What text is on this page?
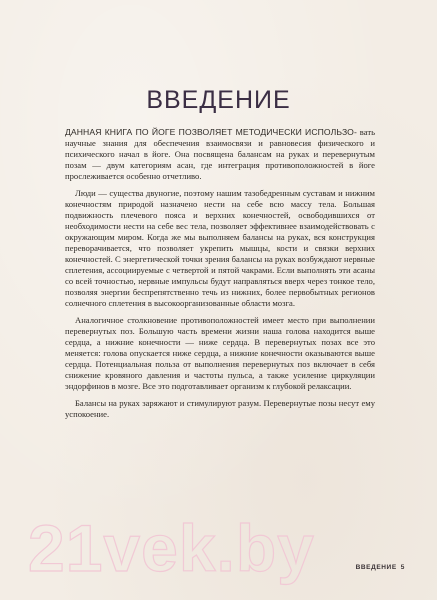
ВВЕДЕНИЕ

ДАННАЯ КНИГА ПО ЙОГЕ ПОЗВОЛЯЕТ МЕТОДИЧЕСКИ ИСПОЛЬЗО- вать научные знания для обеспечения взаимосвязи и равновесия физического и психического начал в йоге. Она посвящена балансам на руках и перевернутым позам — двум категориям асан, где интеграция противоположностей в йоге прослеживается особенно отчетливо.

Люди — существа двуногие, поэтому нашим тазобедренным суставам и нижним конечностям природой назначено нести на себе всю массу тела. Большая подвижность плечевого пояса и верхних конечностей, освободившихся от необходимости нести на себе вес тела, позволяет эффективнее взаимодействовать с окружающим миром. Когда же мы выполняем балансы на руках, вся конструкция переворачивается, что позволяет укрепить мышцы, кости и связки верхних конечностей. С энергетической точки зрения балансы на руках возбуждают нервные сплетения, ассоциируемые с четвертой и пятой чакрами. Если выполнять эти асаны со всей точностью, нервные импульсы будут направляться вверх через тонкое тело, позволяя энергии беспрепятственно течь из нижних, более первобытных регионов солнечного сплетения в высокоорганизованные области мозга.

Аналогичное столкновение противоположностей имеет место при выполнении перевернутых поз. Большую часть времени жизни наша голова находится выше сердца, а нижние конечности — ниже сердца. В перевернутых позах все это меняется: голова опускается ниже сердца, а нижние конечности оказываются выше сердца. Потенциальная польза от выполнения перевернутых поз включает в себя снижение кровяного давления и частоты пульса, а также усиление циркуляции эндорфинов в мозге. Все это подготавливает организм к глубокой релаксации.

Балансы на руках заряжают и стимулируют разум. Перевернутые позы несут ему успокоение.

21vek.by	ВВЕДЕНИЕ 5
